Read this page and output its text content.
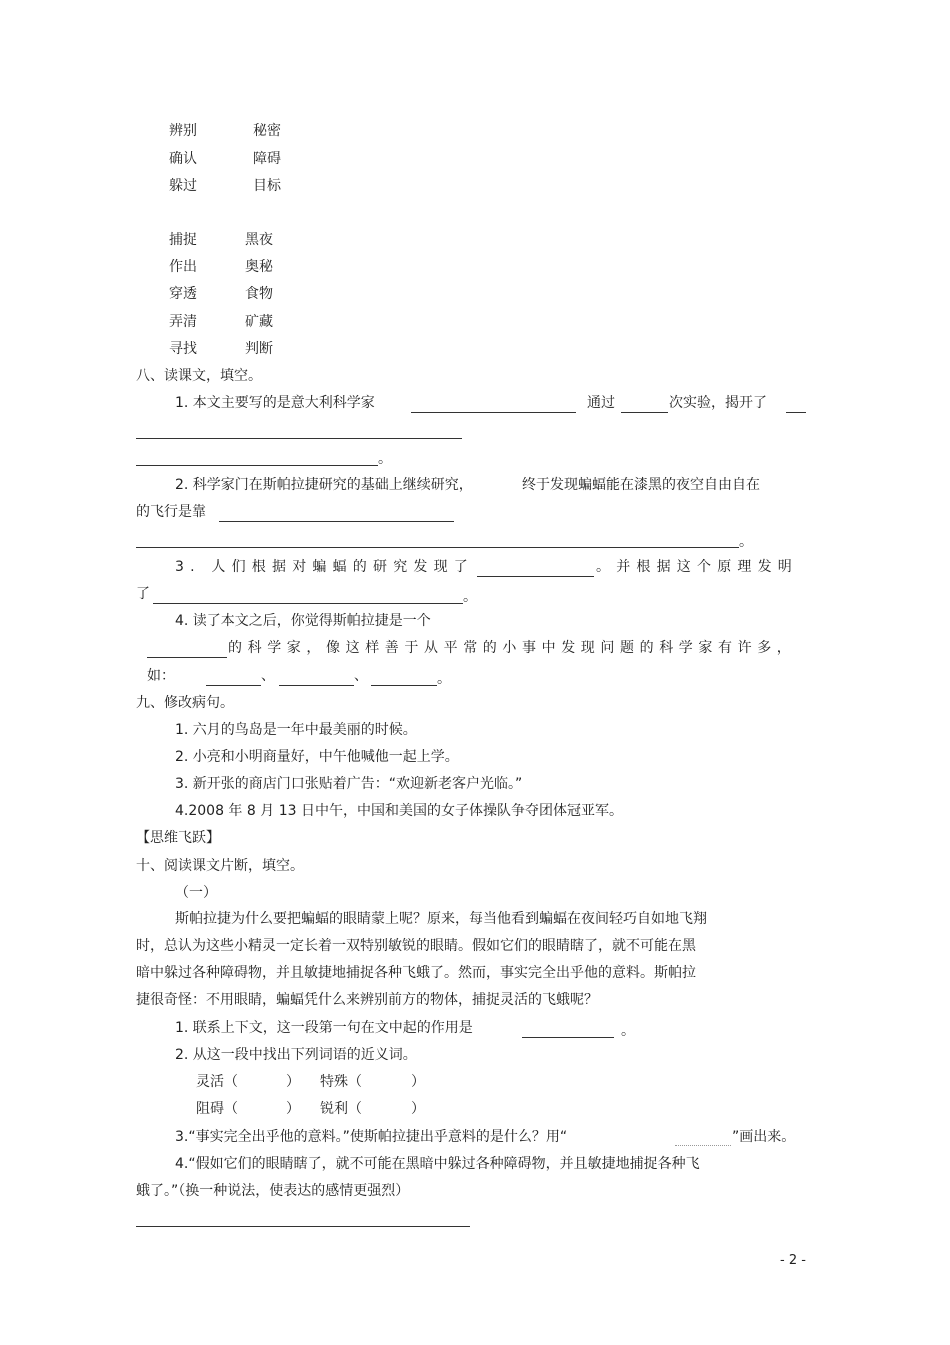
辨别	秘密
确认	障碍
躲过	目标
捕捉	黑夜
作出	奥秘
穿透	食物
弄清	矿藏
寻找	判断
八、读课文，填空。
1. 本文主要写的是意大利科学家	通过	次实验，揭开了
。
2. 科学家门在斯帕拉捷研究的基础上继续研究，	终于发现蝙蝠能在漆黑的夜空自由自在
的飞行是靠
。
3. 人们根据对蝙蝠的研究发现了	。并根据这个原理发明
了	。
4. 读了本文之后，你觉得斯帕拉捷是一个
的科学家，像这样善于从平常的小事中发现问题的科学家有许多，
如：	、	、	。
九、修改病句。
1. 六月的鸟岛是一年中最美丽的时候。
2. 小亮和小明商量好，中午他喊他一起上学。
3. 新开张的商店门口张贴着广告：“欢迎新老客户光临。”
4.2008 年 8 月 13 日中午，中国和美国的女子体操队争夺团体冠亚军。
【思维飞跃】
十、阅读课文片断，填空。
（一）
斯帕拉捷为什么要把蝙蝠的眼睛蒙上呢？原来，每当他看到蝙蝠在夜间轻巧自如地飞翔
时，总认为这些小精灵一定长着一双特别敏锐的眼睛。假如它们的眼睛瞎了，就不可能在黑
暗中躲过各种障碍物，并且敏捷地捕捉各种飞蛾了。然而，事实完全出乎他的意料。斯帕拉
捷很奇怪：不用眼睛，蝙蝠凭什么来辨别前方的物体，捕捉灵活的飞蛾呢？
1. 联系上下文，这一段第一句在文中起的作用是	。
2. 从这一段中找出下列词语的近义词。
灵活（	） 特殊（	）
阻碍（	） 锐利（	）
3.“事实完全出乎他的意料。”使斯帕拉捷出乎意料的是什么？用“	”画出来。
4.“假如它们的眼睛瞎了，就不可能在黑暗中躲过各种障碍物，并且敏捷地捕捉各种飞
蛾了。”（换一种说法，使表达的感情更强烈）
- 2 -
